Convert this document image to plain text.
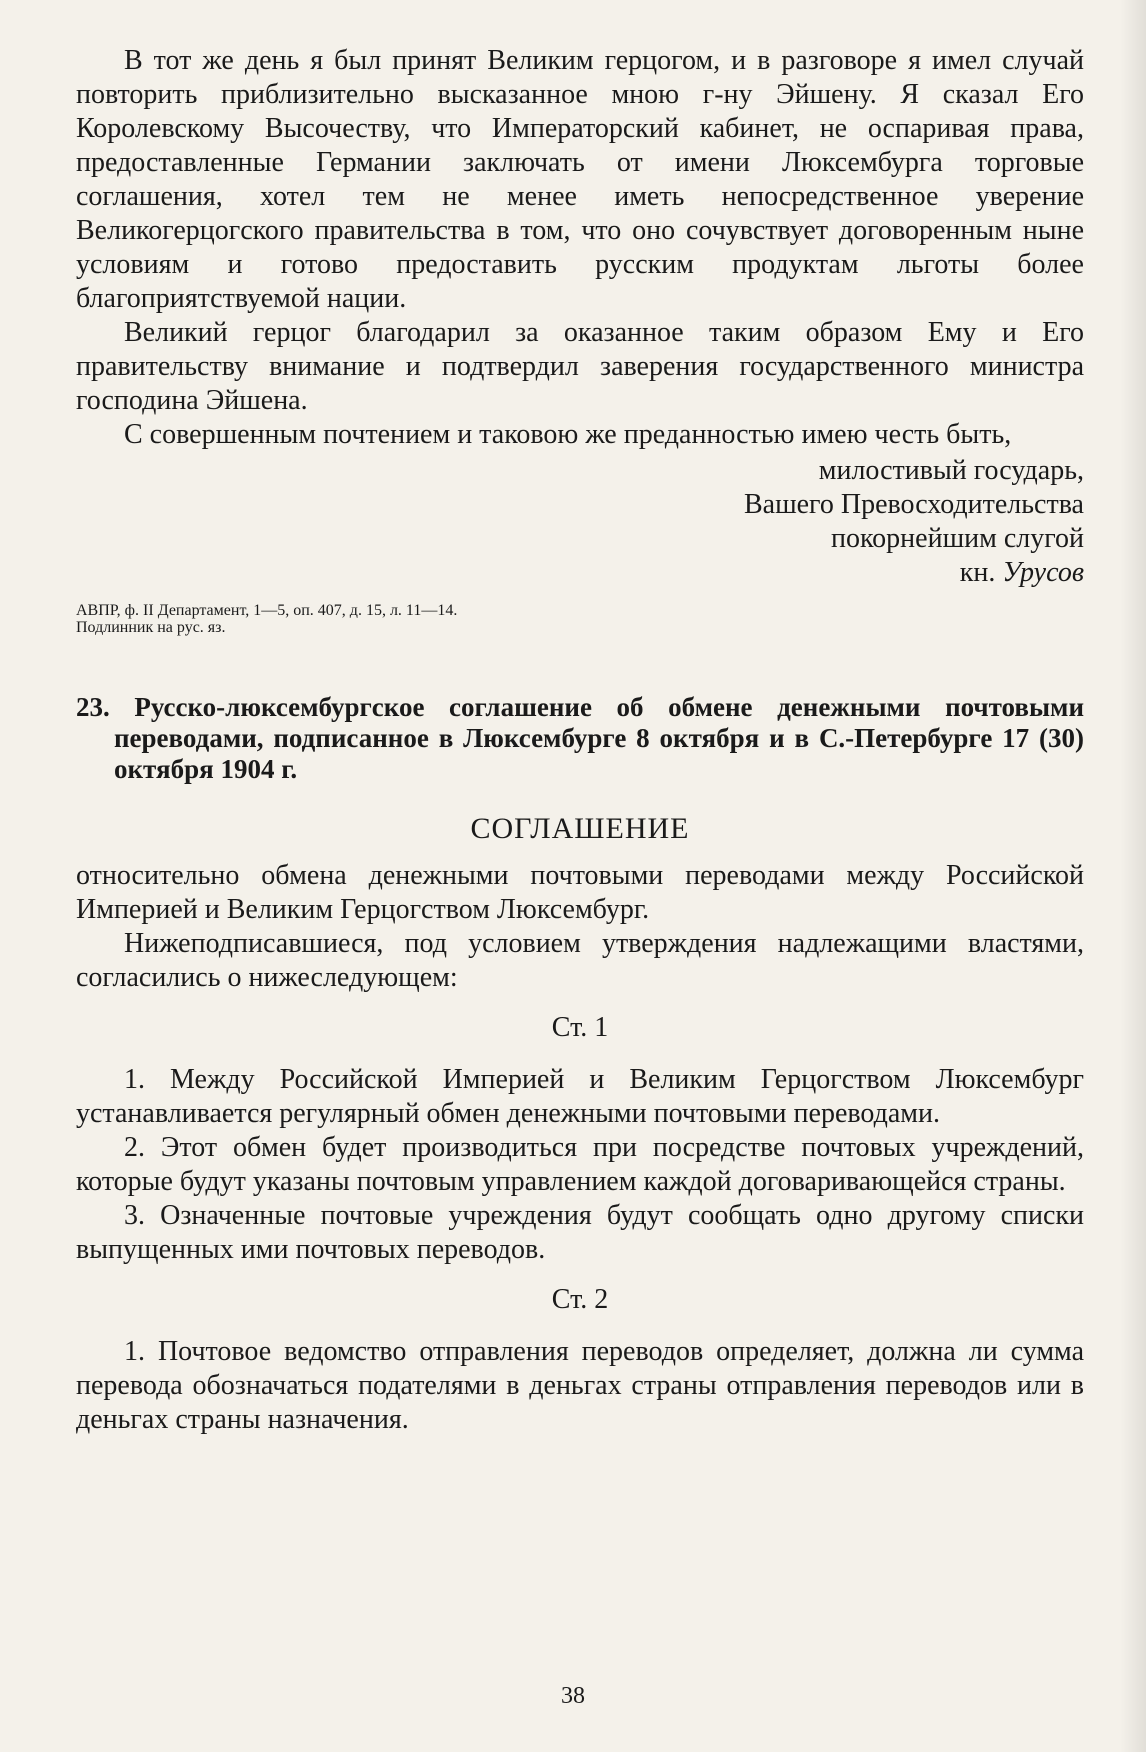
В тот же день я был принят Великим герцогом, и в разговоре я имел случай повторить приблизительно высказанное мною г-ну Эйшену. Я сказал Его Королевскому Высочеству, что Императорский кабинет, не оспаривая права, предоставленные Германии заключать от имени Люксембурга торговые соглашения, хотел тем не менее иметь непосредственное уверение Великогерцогского правительства в том, что оно сочувствует договоренным ныне условиям и готово предоставить русским продуктам льготы более благоприятствуемой нации.

Великий герцог благодарил за оказанное таким образом Ему и Его правительству внимание и подтвердил заверения государственного министра господина Эйшена.

С совершенным почтением и таковою же преданностью имею честь быть,

милостивый государь,

Вашего Превосходительства

покорнейшим слугой

кн. Урусов

АВПР, ф. II Департамент, 1—5, оп. 407, д. 15, л. 11—14. Подлинник на рус. яз.

23. Русско-люксембургское соглашение об обмене денежными почтовыми переводами, подписанное в Люксембурге 8 октября и в С.-Петербурге 17 (30) октября 1904 г.

СОГЛАШЕНИЕ

относительно обмена денежными почтовыми переводами между Российской Империей и Великим Герцогством Люксембург.

Нижеподписавшиеся, под условием утверждения надлежащими властями, согласились о нижеследующем:

Ст. 1

1. Между Российской Империей и Великим Герцогством Люксембург устанавливается регулярный обмен денежными почтовыми переводами.

2. Этот обмен будет производиться при посредстве почтовых учреждений, которые будут указаны почтовым управлением каждой договаривающейся страны.

3. Означенные почтовые учреждения будут сообщать одно другому списки выпущенных ими почтовых переводов.

Ст. 2

1. Почтовое ведомство отправления переводов определяет, должна ли сумма перевода обозначаться подателями в деньгах страны отправления переводов или в деньгах страны назначения.

38
